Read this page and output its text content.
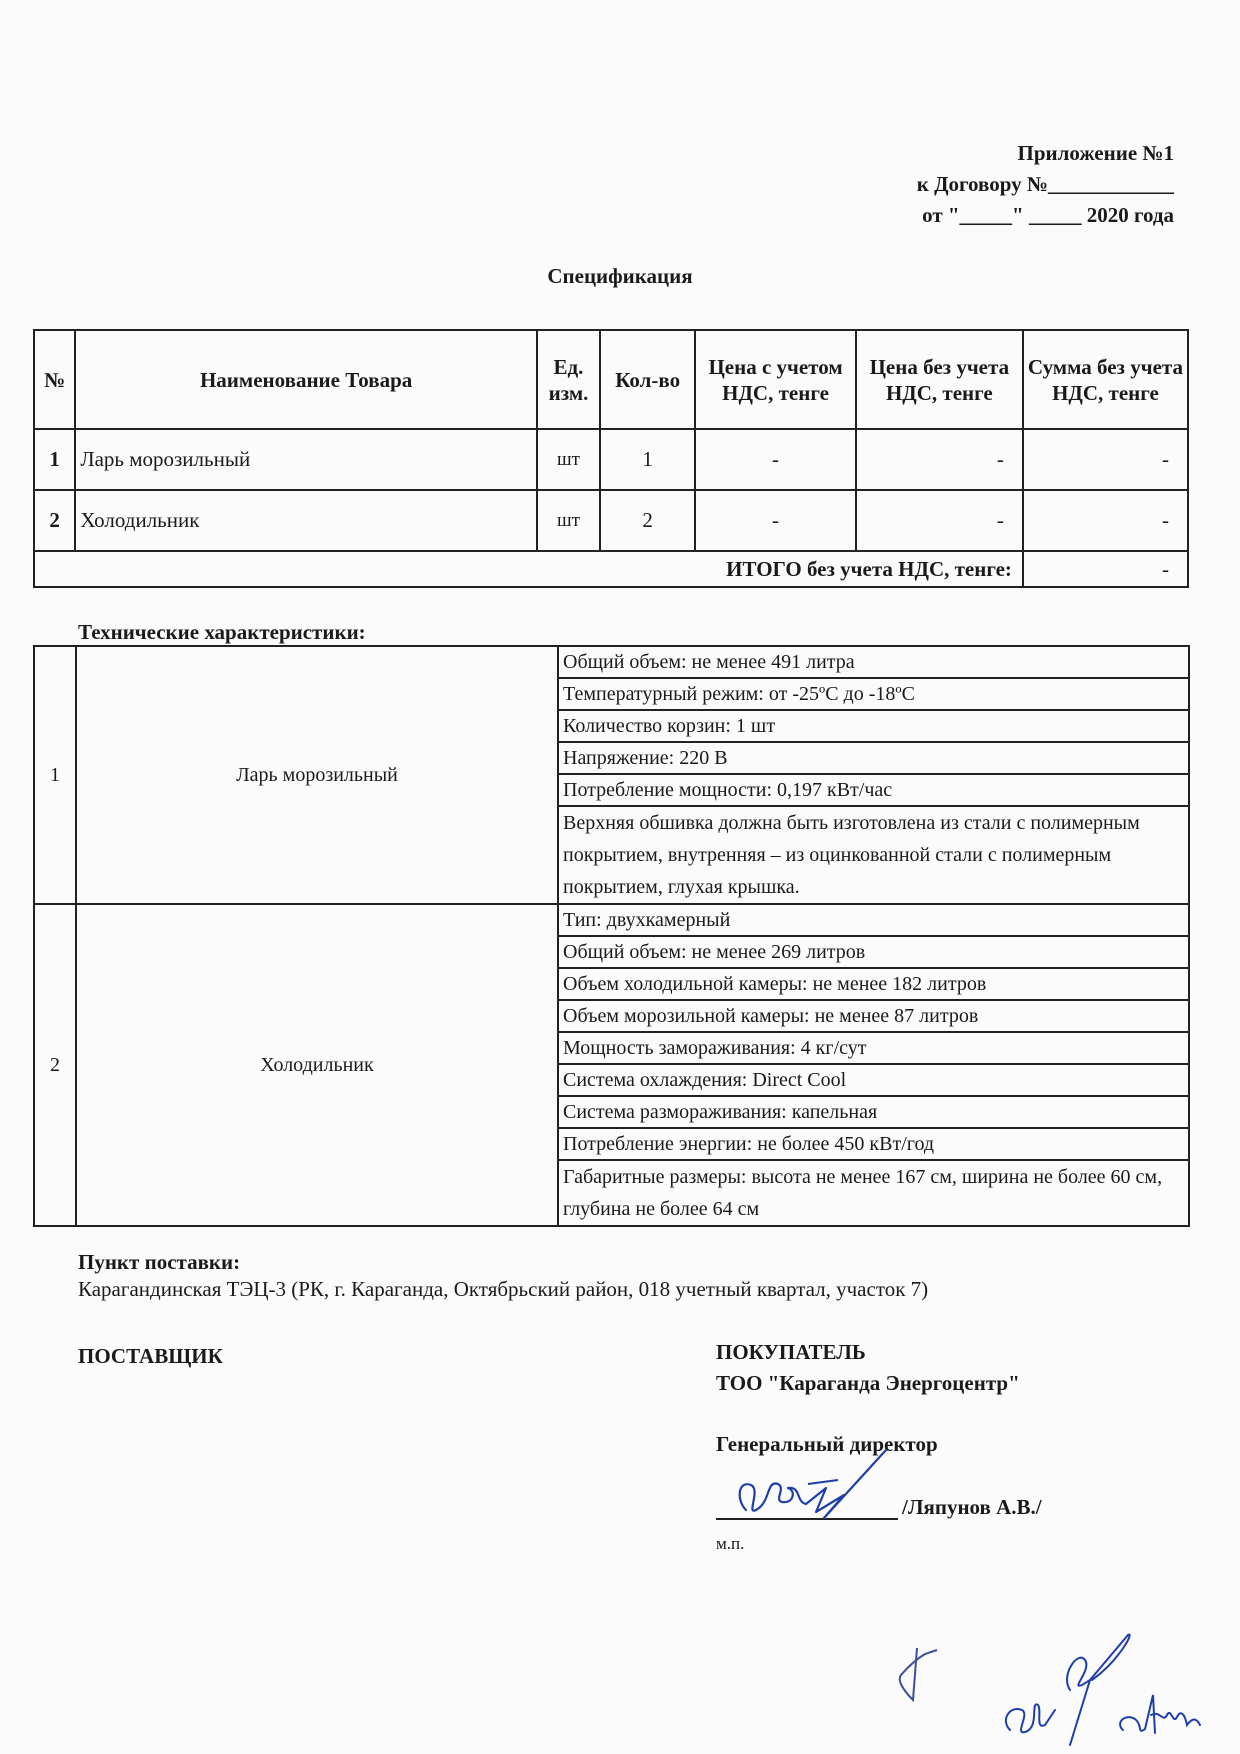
Приложение №1
к Договору №____________
от "_____" _____ 2020 года
Спецификация
№	Наименование Товара	Ед. изм.	Кол-во	Цена с учетом НДС, тенге	Цена без учета НДС, тенге	Сумма без учета НДС, тенге
1	Ларь морозильный	шт	1	-	-	-
2	Холодильник	шт	2	-	-	-
ИТОГО без учета НДС, тенге:						-
Технические характеристики:
1	Ларь морозильный	Общий объем: не менее 491 литра
		Температурный режим: от -25ºC до -18ºC
		Количество корзин: 1 шт
		Напряжение: 220 В
		Потребление мощности: 0,197 кВт/час
		Верхняя обшивка должна быть изготовлена из стали с полимерным покрытием, внутренняя – из оцинкованной стали с полимерным покрытием, глухая крышка.
2	Холодильник	Тип: двухкамерный
		Общий объем: не менее 269 литров
		Объем холодильной камеры: не менее 182 литров
		Объем морозильной камеры: не менее 87 литров
		Мощность замораживания: 4 кг/сут
		Система охлаждения: Direct Cool
		Система размораживания: капельная
		Потребление энергии: не более 450 кВт/год
		Габаритные размеры: высота не менее 167 см, ширина не более 60 см, глубина не более 64 см
Пункт поставки:
Карагандинская ТЭЦ-3 (РК, г. Караганда, Октябрьский район, 018 учетный квартал, участок 7)
ПОСТАВЩИК	ПОКУПАТЕЛЬ
ТОО "Караганда Энергоцентр"
Генеральный директор
/Ляпунов А.В./
м.п.
